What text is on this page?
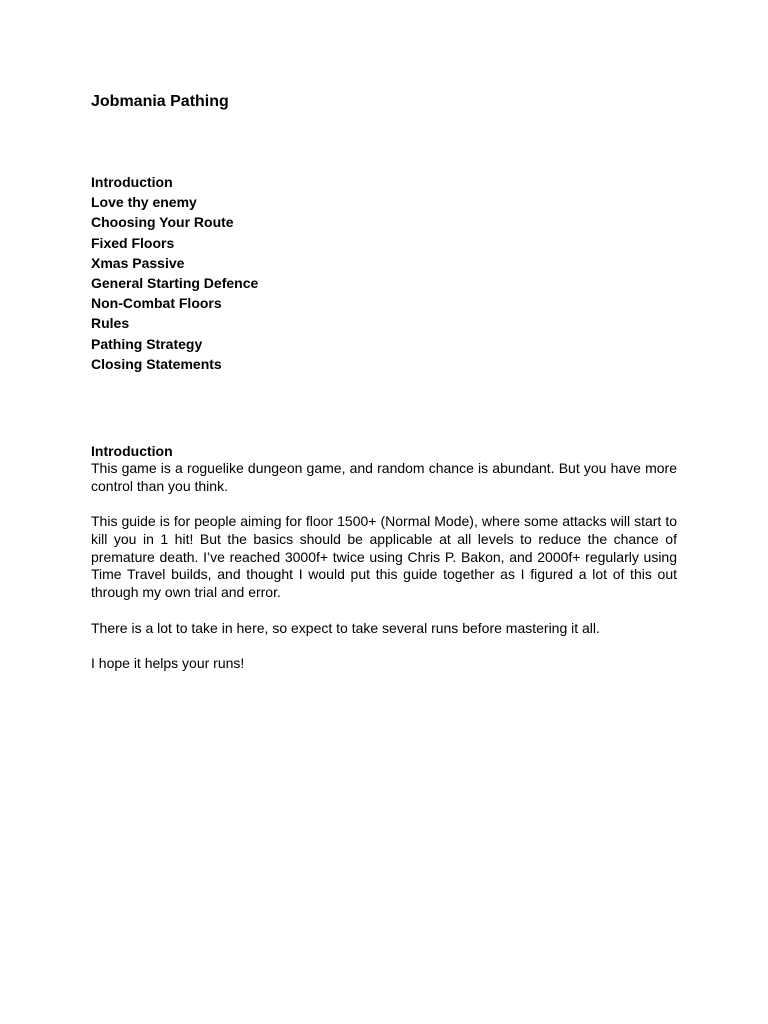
Jobmania Pathing
Introduction
Love thy enemy
Choosing Your Route
Fixed Floors
Xmas Passive
General Starting Defence
Non-Combat Floors
Rules
Pathing Strategy
Closing Statements
Introduction

This game is a roguelike dungeon game, and random chance is abundant. But you have more control than you think.

This guide is for people aiming for floor 1500+ (Normal Mode), where some attacks will start to kill you in 1 hit! But the basics should be applicable at all levels to reduce the chance of premature death. I’ve reached 3000f+ twice using Chris P. Bakon, and 2000f+ regularly using Time Travel builds, and thought I would put this guide together as I figured a lot of this out through my own trial and error.

There is a lot to take in here, so expect to take several runs before mastering it all.

I hope it helps your runs!
